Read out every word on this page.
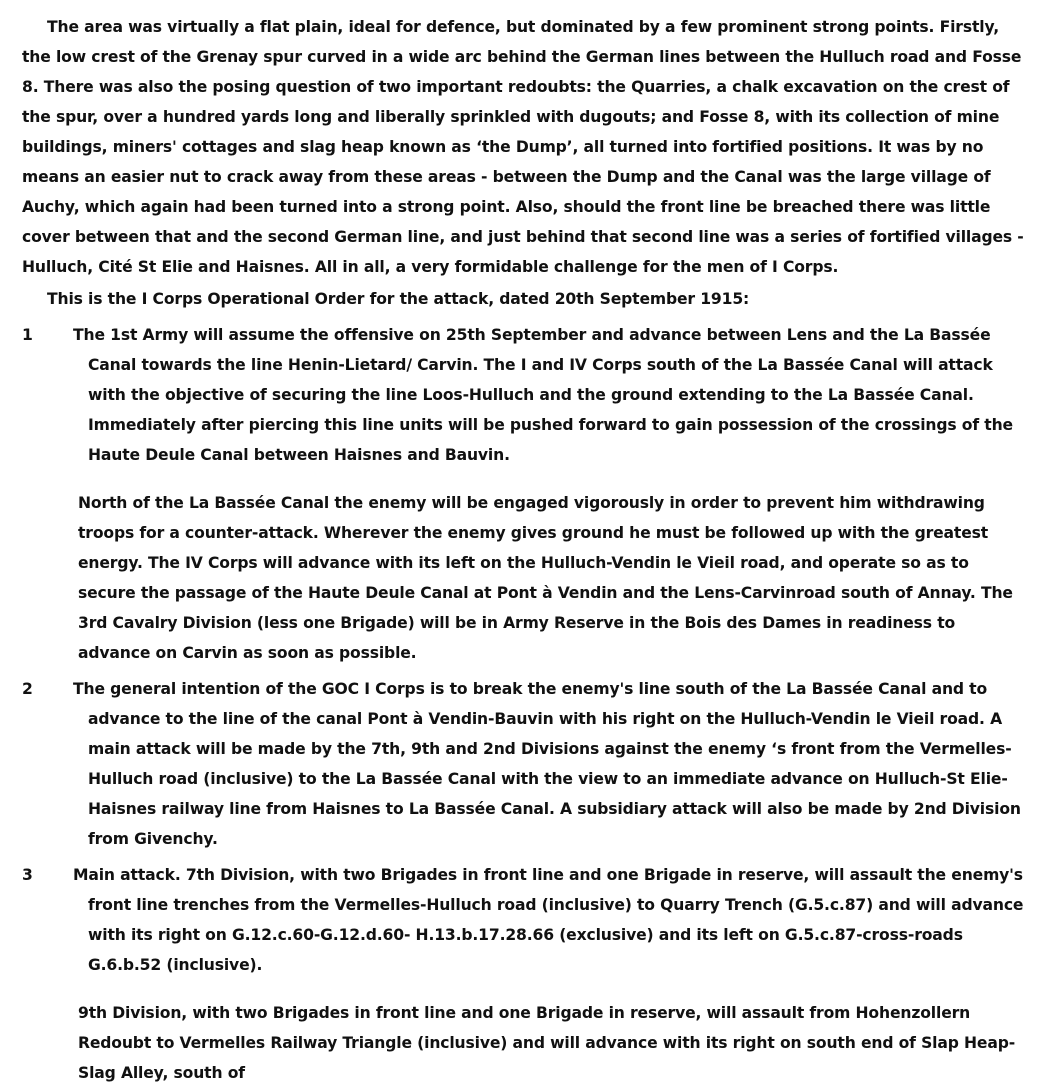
The area was virtually a flat plain, ideal for defence, but dominated by a few prominent strong points. Firstly, the low crest of the Grenay spur curved in a wide arc behind the German lines between the Hulluch road and Fosse 8. There was also the posing question of two important redoubts: the Quarries, a chalk excavation on the crest of the spur, over a hundred yards long and liberally sprinkled with dugouts; and Fosse 8, with its collection of mine buildings, miners' cottages and slag heap known as ‘the Dump’, all turned into fortified positions. It was by no means an easier nut to crack away from these areas - between the Dump and the Canal was the large village of Auchy, which again had been turned into a strong point. Also, should the front line be breached there was little cover between that and the second German line, and just behind that second line was a series of fortified villages - Hulluch, Cité St Elie and Haisnes. All in all, a very formidable challenge for the men of I Corps.

This is the I Corps Operational Order for the attack, dated 20th September 1915:

1	The 1st Army will assume the offensive on 25th September and advance between Lens and the La Bassée Canal towards the line Henin-Lietard/ Carvin. The I and IV Corps south of the La Bassée Canal will attack with the objective of securing the line Loos-Hulluch and the ground extending to the La Bassée Canal. Immediately after piercing this line units will be pushed forward to gain possession of the crossings of the Haute Deule Canal between Haisnes and Bauvin.

North of the La Bassée Canal the enemy will be engaged vigorously in order to prevent him withdrawing troops for a counter-attack. Wherever the enemy gives ground he must be followed up with the greatest energy. The IV Corps will advance with its left on the Hulluch-Vendin le Vieil road, and operate so as to secure the passage of the Haute Deule Canal at Pont à Vendin and the Lens-Carvinroad south of Annay. The 3rd Cavalry Division (less one Brigade) will be in Army Reserve in the Bois des Dames in readiness to advance on Carvin as soon as possible.

2	The general intention of the GOC I Corps is to break the enemy's line south of the La Bassée Canal and to advance to the line of the canal Pont à Vendin-Bauvin with his right on the Hulluch-Vendin le Vieil road. A main attack will be made by the 7th, 9th and 2nd Divisions against the enemy ‘s front from the Vermelles-Hulluch road (inclusive) to the La Bassée Canal with the view to an immediate advance on Hulluch-St Elie-Haisnes railway line from Haisnes to La Bassée Canal. A subsidiary attack will also be made by 2nd Division from Givenchy.

3	Main attack. 7th Division, with two Brigades in front line and one Brigade in reserve, will assault the enemy's front line trenches from the Vermelles-Hulluch road (inclusive) to Quarry Trench (G.5.c.87) and will advance with its right on G.12.c.60-G.12.d.60- H.13.b.17.28.66 (exclusive) and its left on G.5.c.87-cross-roads G.6.b.52 (inclusive).

9th Division, with two Brigades in front line and one Brigade in reserve, will assault from Hohenzollern Redoubt to Vermelles Railway Triangle (inclusive) and will advance with its right on south end of Slap Heap-Slag Alley, south of
